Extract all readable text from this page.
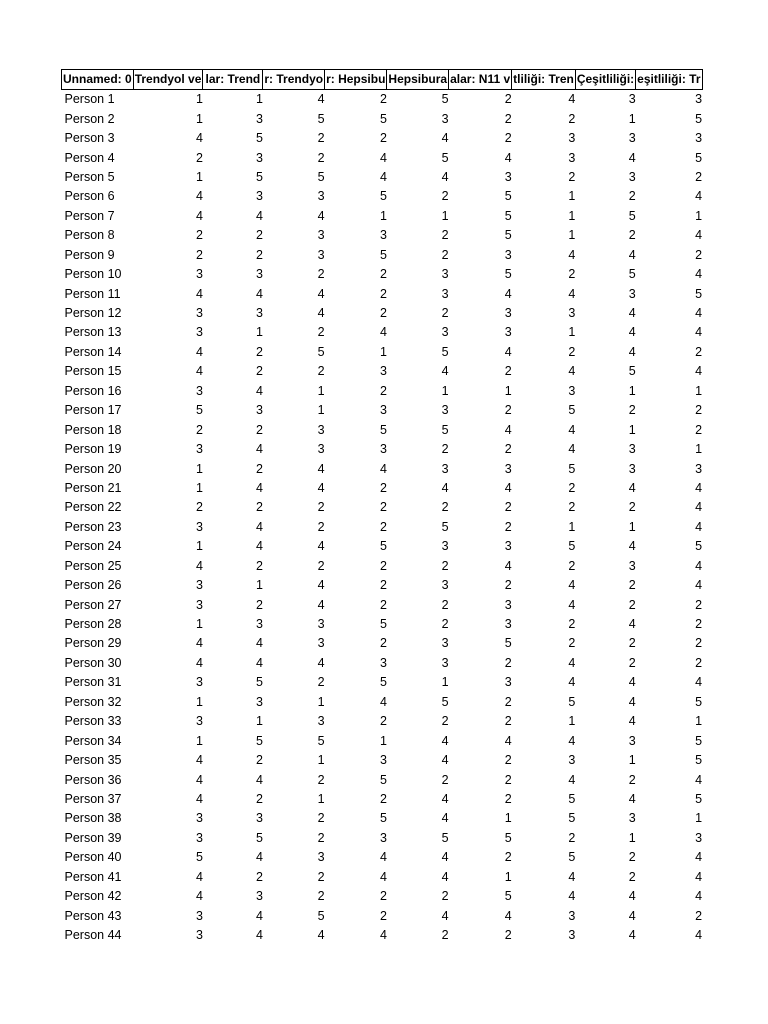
Unnamed: 0	Trendyol ve	lar: Trend	r: Trendyo	r: Hepsibu	Hepsibura	alar: N11 v	tliliği: Tren	Çeşitliliği:	eşitliliği: Tr
Person 1	1	1	4	2	5	2	4	3	3
Person 2	1	3	5	5	3	2	2	1	5
Person 3	4	5	2	2	4	2	3	3	3
Person 4	2	3	2	4	5	4	3	4	5
Person 5	1	5	5	4	4	3	2	3	2
Person 6	4	3	3	5	2	5	1	2	4
Person 7	4	4	4	1	1	5	1	5	1
Person 8	2	2	3	3	2	5	1	2	4
Person 9	2	2	3	5	2	3	4	4	2
Person 10	3	3	2	2	3	5	2	5	4
Person 11	4	4	4	2	3	4	4	3	5
Person 12	3	3	4	2	2	3	3	4	4
Person 13	3	1	2	4	3	3	1	4	4
Person 14	4	2	5	1	5	4	2	4	2
Person 15	4	2	2	3	4	2	4	5	4
Person 16	3	4	1	2	1	1	3	1	1
Person 17	5	3	1	3	3	2	5	2	2
Person 18	2	2	3	5	5	4	4	1	2
Person 19	3	4	3	3	2	2	4	3	1
Person 20	1	2	4	4	3	3	5	3	3
Person 21	1	4	4	2	4	4	2	4	4
Person 22	2	2	2	2	2	2	2	2	4
Person 23	3	4	2	2	5	2	1	1	4
Person 24	1	4	4	5	3	3	5	4	5
Person 25	4	2	2	2	2	4	2	3	4
Person 26	3	1	4	2	3	2	4	2	4
Person 27	3	2	4	2	2	3	4	2	2
Person 28	1	3	3	5	2	3	2	4	2
Person 29	4	4	3	2	3	5	2	2	2
Person 30	4	4	4	3	3	2	4	2	2
Person 31	3	5	2	5	1	3	4	4	4
Person 32	1	3	1	4	5	2	5	4	5
Person 33	3	1	3	2	2	2	1	4	1
Person 34	1	5	5	1	4	4	4	3	5
Person 35	4	2	1	3	4	2	3	1	5
Person 36	4	4	2	5	2	2	4	2	4
Person 37	4	2	1	2	4	2	5	4	5
Person 38	3	3	2	5	4	1	5	3	1
Person 39	3	5	2	3	5	5	2	1	3
Person 40	5	4	3	4	4	2	5	2	4
Person 41	4	2	2	4	4	1	4	2	4
Person 42	4	3	2	2	2	5	4	4	4
Person 43	3	4	5	2	4	4	3	4	2
Person 44	3	4	4	4	2	2	3	4	4
